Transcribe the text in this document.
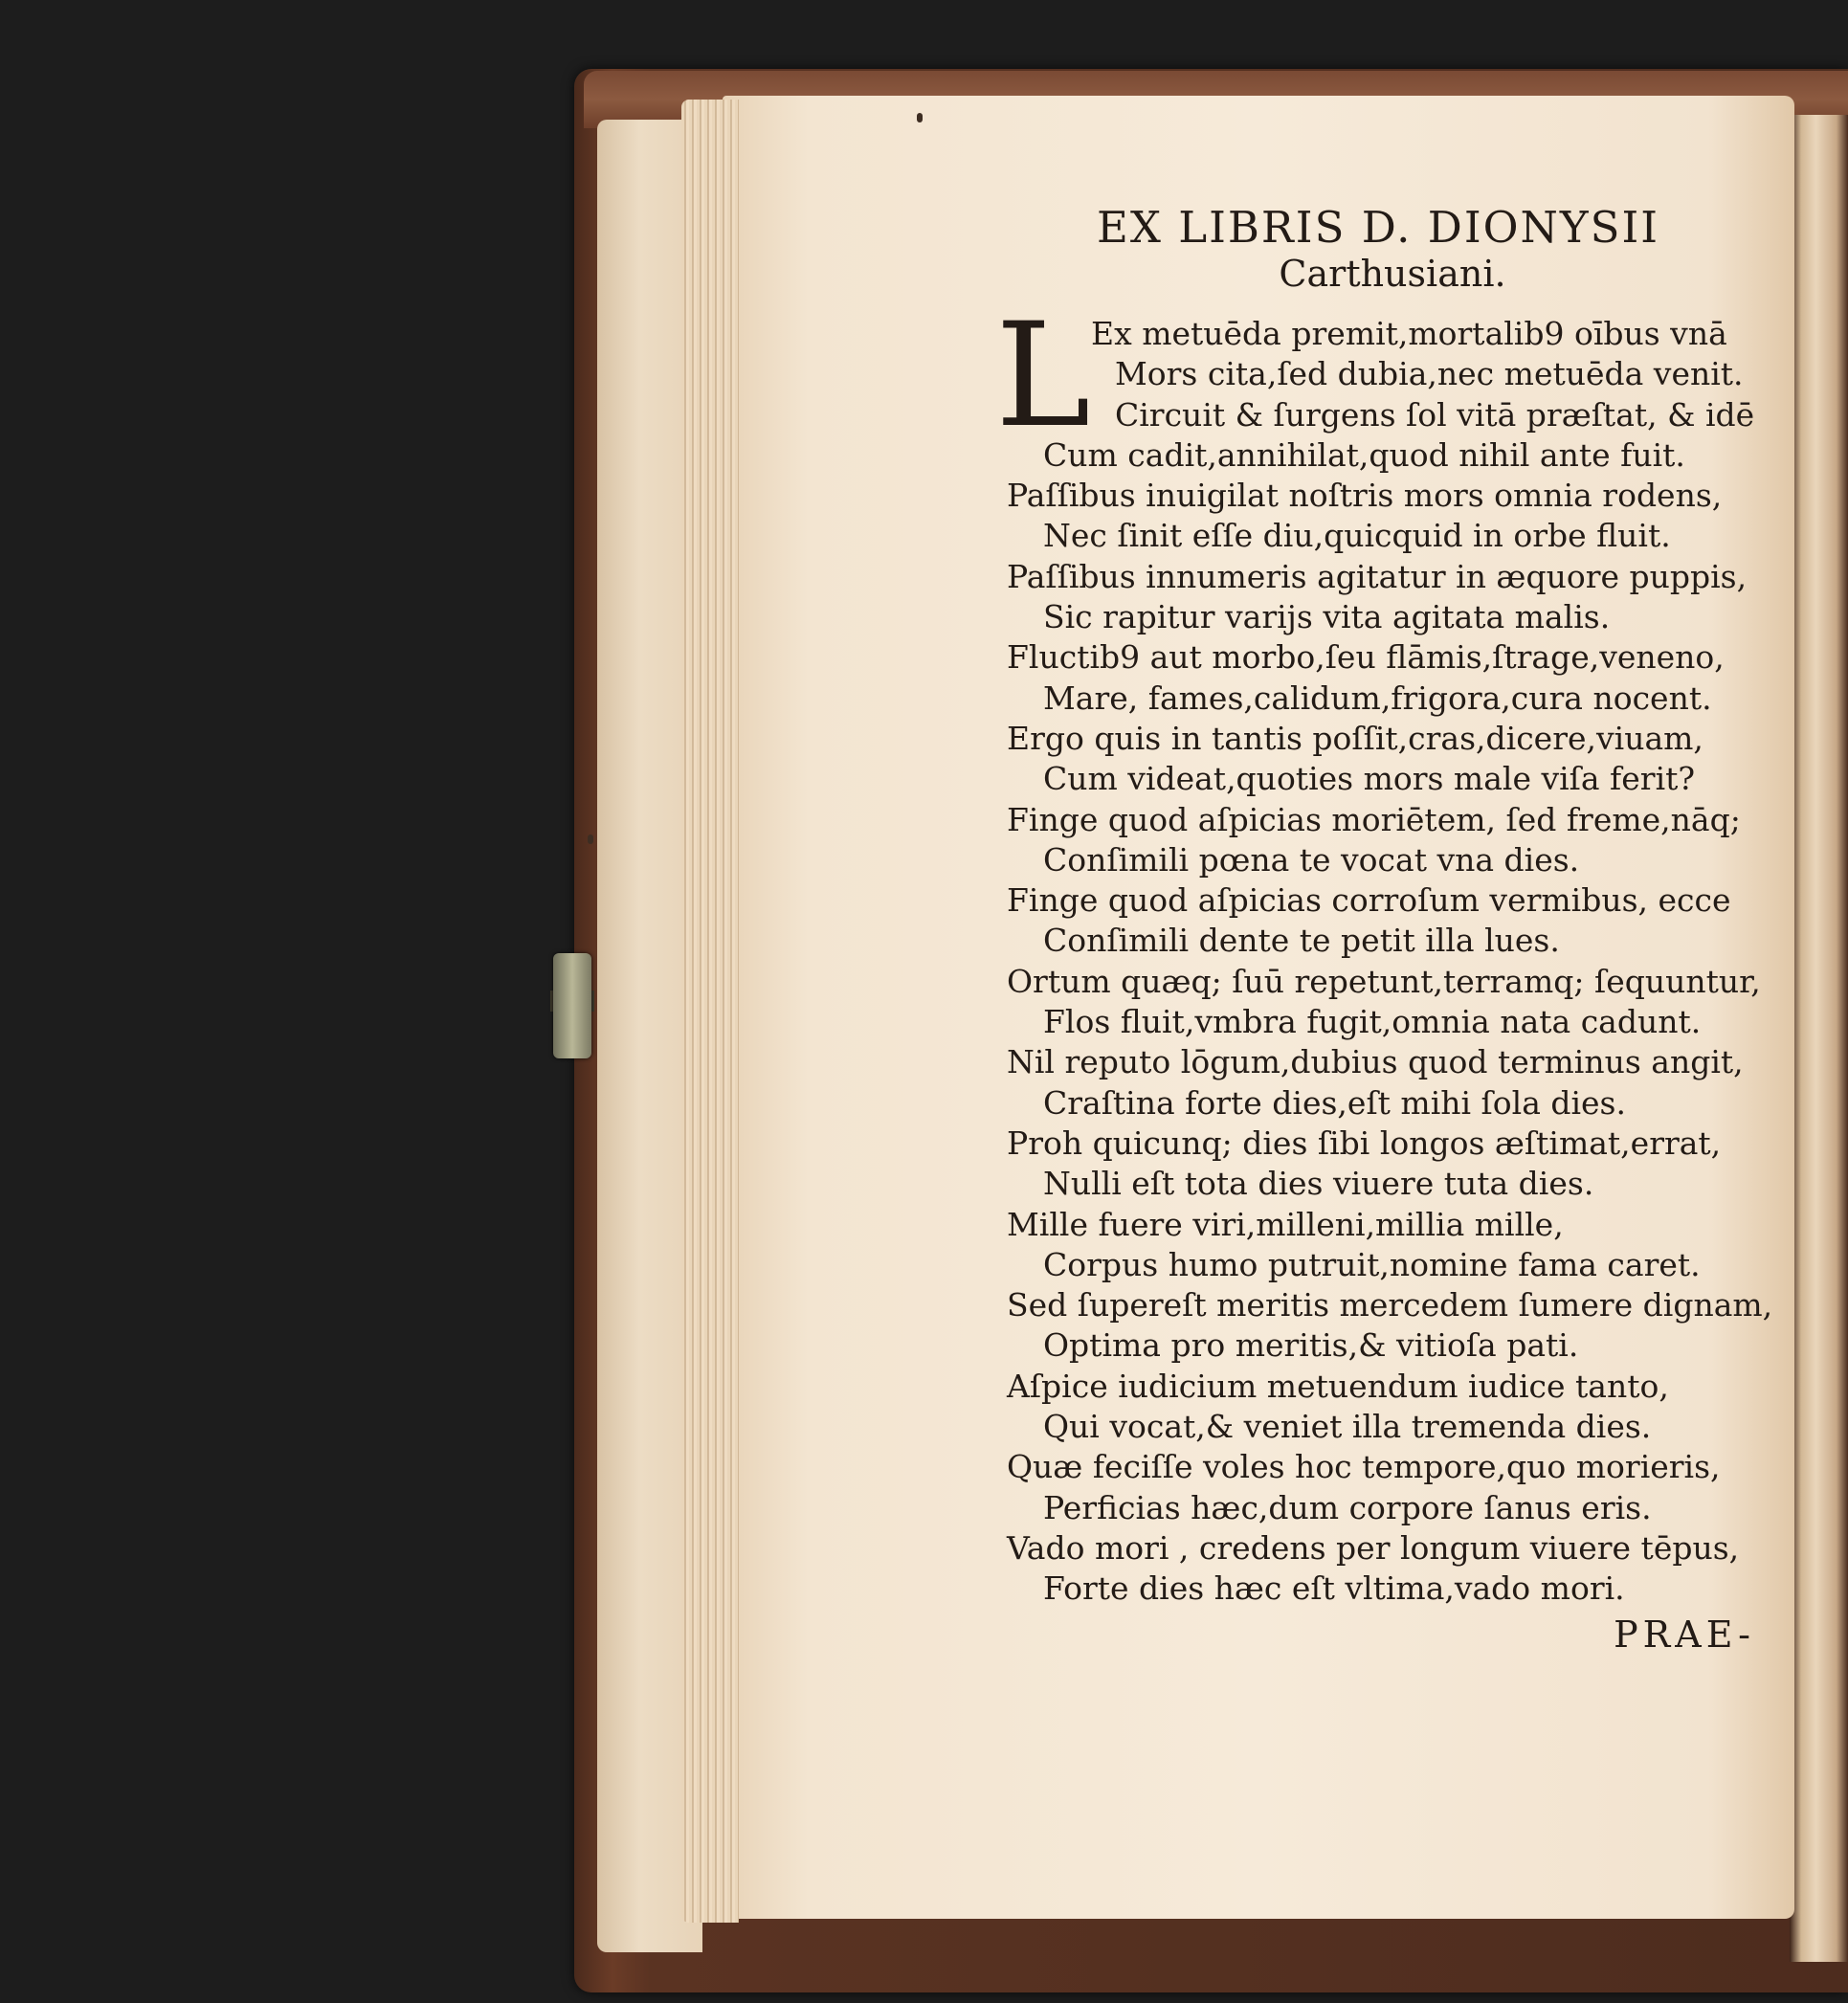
EX LIBRIS D. DIONYSII
Carthusiani.
L Ex metuēda premit,mortalib9 oībus vnā
Mors cita,ſed dubia,nec metuēda venit.
Circuit & ſurgens ſol vitā præſtat, & idē
Cum cadit,annihilat,quod nihil ante fuit.
Paſſibus inuigilat noſtris mors omnia rodens,
Nec ſinit eſſe diu,quicquid in orbe fluit.
Paſſibus innumeris agitatur in æquore puppis,
Sic rapitur varijs vita agitata malis.
Fluctib9 aut morbo,ſeu flāmis,ſtrage,veneno,
Mare, fames,calidum,frigora,cura nocent.
Ergo quis in tantis poſſit,cras,dicere,viuam,
Cum videat,quoties mors male viſa ferit?
Finge quod aſpicias moriētem, ſed freme,nāq;
Conſimili pœna te vocat vna dies.
Finge quod aſpicias corroſum vermibus, ecce
Conſimili dente te petit illa lues.
Ortum quæq; ſuū repetunt,terramq; ſequuntur,
Flos fluit,vmbra fugit,omnia nata cadunt.
Nil reputo lōgum,dubius quod terminus angit,
Craſtina forte dies,eſt mihi ſola dies.
Proh quicunq; dies ſibi longos æſtimat,errat,
Nulli eſt tota dies viuere tuta dies.
Mille fuere viri,milleni,millia mille,
Corpus humo putruit,nomine fama caret.
Sed ſupereſt meritis mercedem ſumere dignam,
Optima pro meritis,& vitioſa pati.
Aſpice iudicium metuendum iudice tanto,
Qui vocat,& veniet illa tremenda dies.
Quæ feciſſe voles hoc tempore,quo morieris,
Perficias hæc,dum corpore ſanus eris.
Vado mori , credens per longum viuere tēpus,
Forte dies hæc eſt vltima,vado mori.
PRAE-
